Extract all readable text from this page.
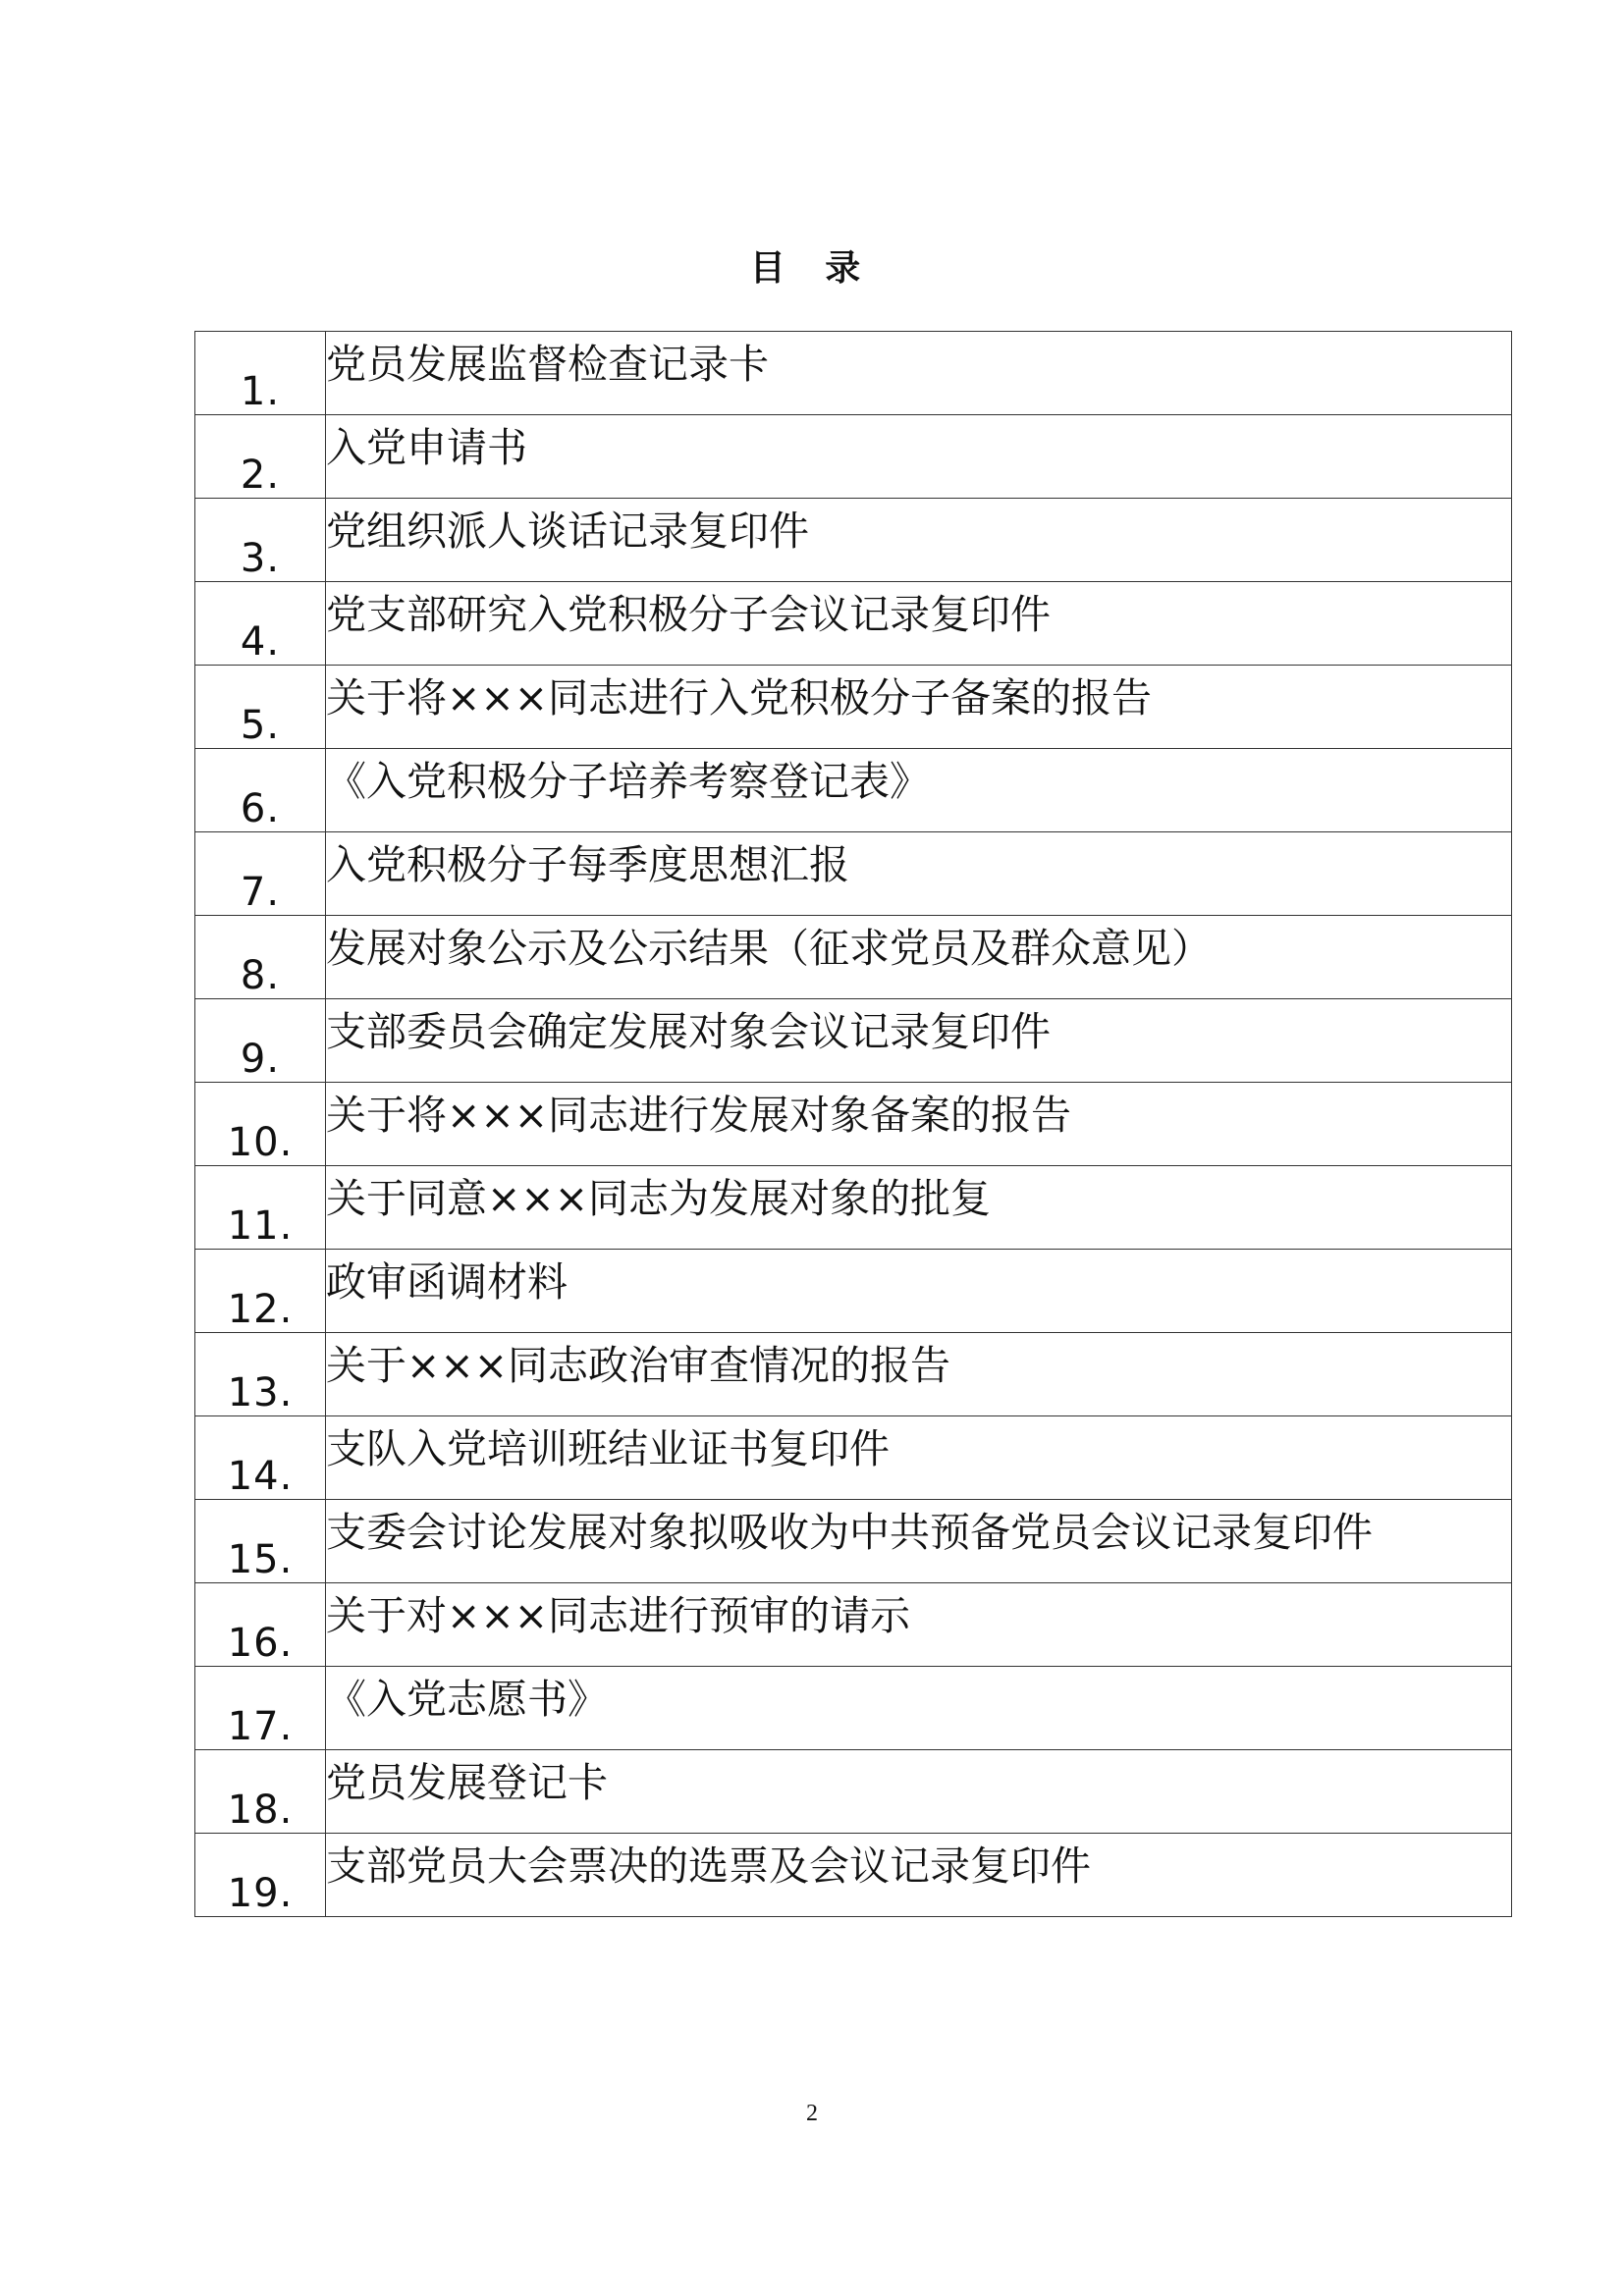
目 录
1.	党员发展监督检查记录卡
2.	入党申请书
3.	党组织派人谈话记录复印件
4.	党支部研究入党积极分子会议记录复印件
5.	关于将×××同志进行入党积极分子备案的报告
6.	《入党积极分子培养考察登记表》
7.	入党积极分子每季度思想汇报
8.	发展对象公示及公示结果（征求党员及群众意见）
9.	支部委员会确定发展对象会议记录复印件
10.	关于将×××同志进行发展对象备案的报告
11.	关于同意×××同志为发展对象的批复
12.	政审函调材料
13.	关于×××同志政治审查情况的报告
14.	支队入党培训班结业证书复印件
15.	支委会讨论发展对象拟吸收为中共预备党员会议记录复印件
16.	关于对×××同志进行预审的请示
17.	《入党志愿书》
18.	党员发展登记卡
19.	支部党员大会票决的选票及会议记录复印件
2
